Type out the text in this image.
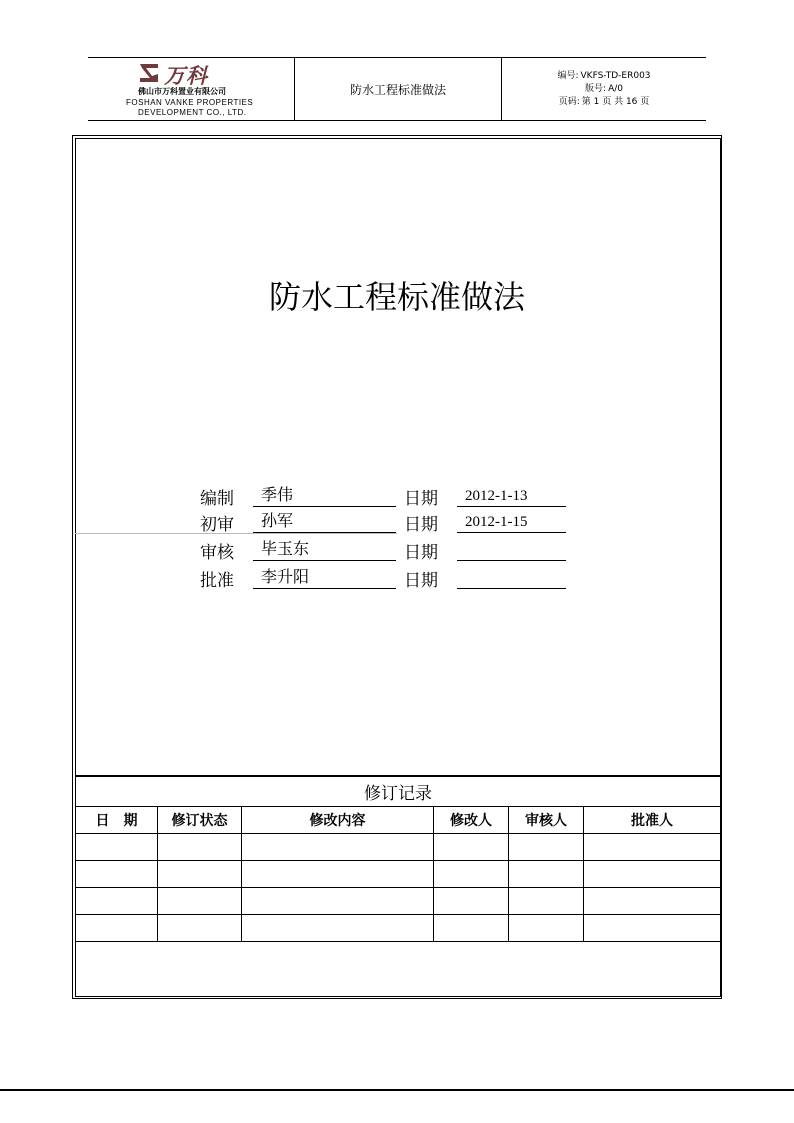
万科
佛山市万科置业有限公司
FOSHAN VANKE PROPERTIES
DEVELOPMENT CO., LTD.
防水工程标准做法
编号: VKFS-TD-ER003
版号: A/0
页码: 第 1 页 共 16 页
防水工程标准做法
编制	季伟	日期	2012-1-13
初审	孙军	日期	2012-1-15
审核	毕玉东	日期
批准	李升阳	日期
修订记录					
日　期	修订状态	修改内容	修改人	审核人	批准人
